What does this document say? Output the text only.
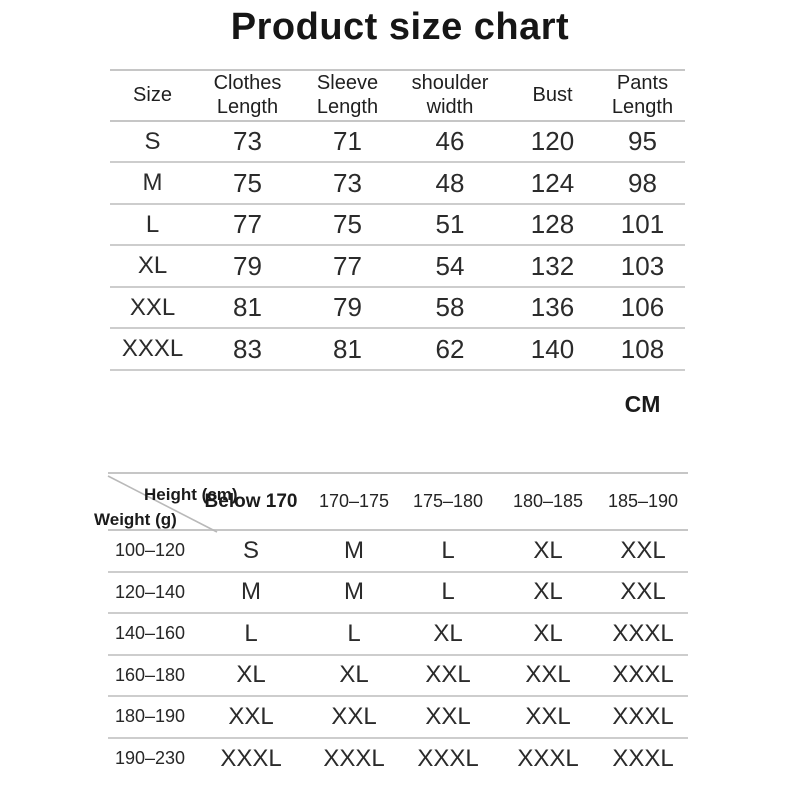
Product size chart
Size	Clothes Length	Sleeve Length	shoulder width	Bust	Pants Length
S	73	71	46	120	95
M	75	73	48	124	98
L	77	75	51	128	101
XL	79	77	54	132	103
XXL	81	79	58	136	106
XXXL	83	81	62	140	108
CM
Height (cm)
Weight (g)	Below 170	170–175	175–180	180–185	185–190
100–120	S	M	L	XL	XXL
120–140	M	M	L	XL	XXL
140–160	L	L	XL	XL	XXXL
160–180	XL	XL	XXL	XXL	XXXL
180–190	XXL	XXL	XXL	XXL	XXXL
190–230	XXXL	XXXL	XXXL	XXXL	XXXL
